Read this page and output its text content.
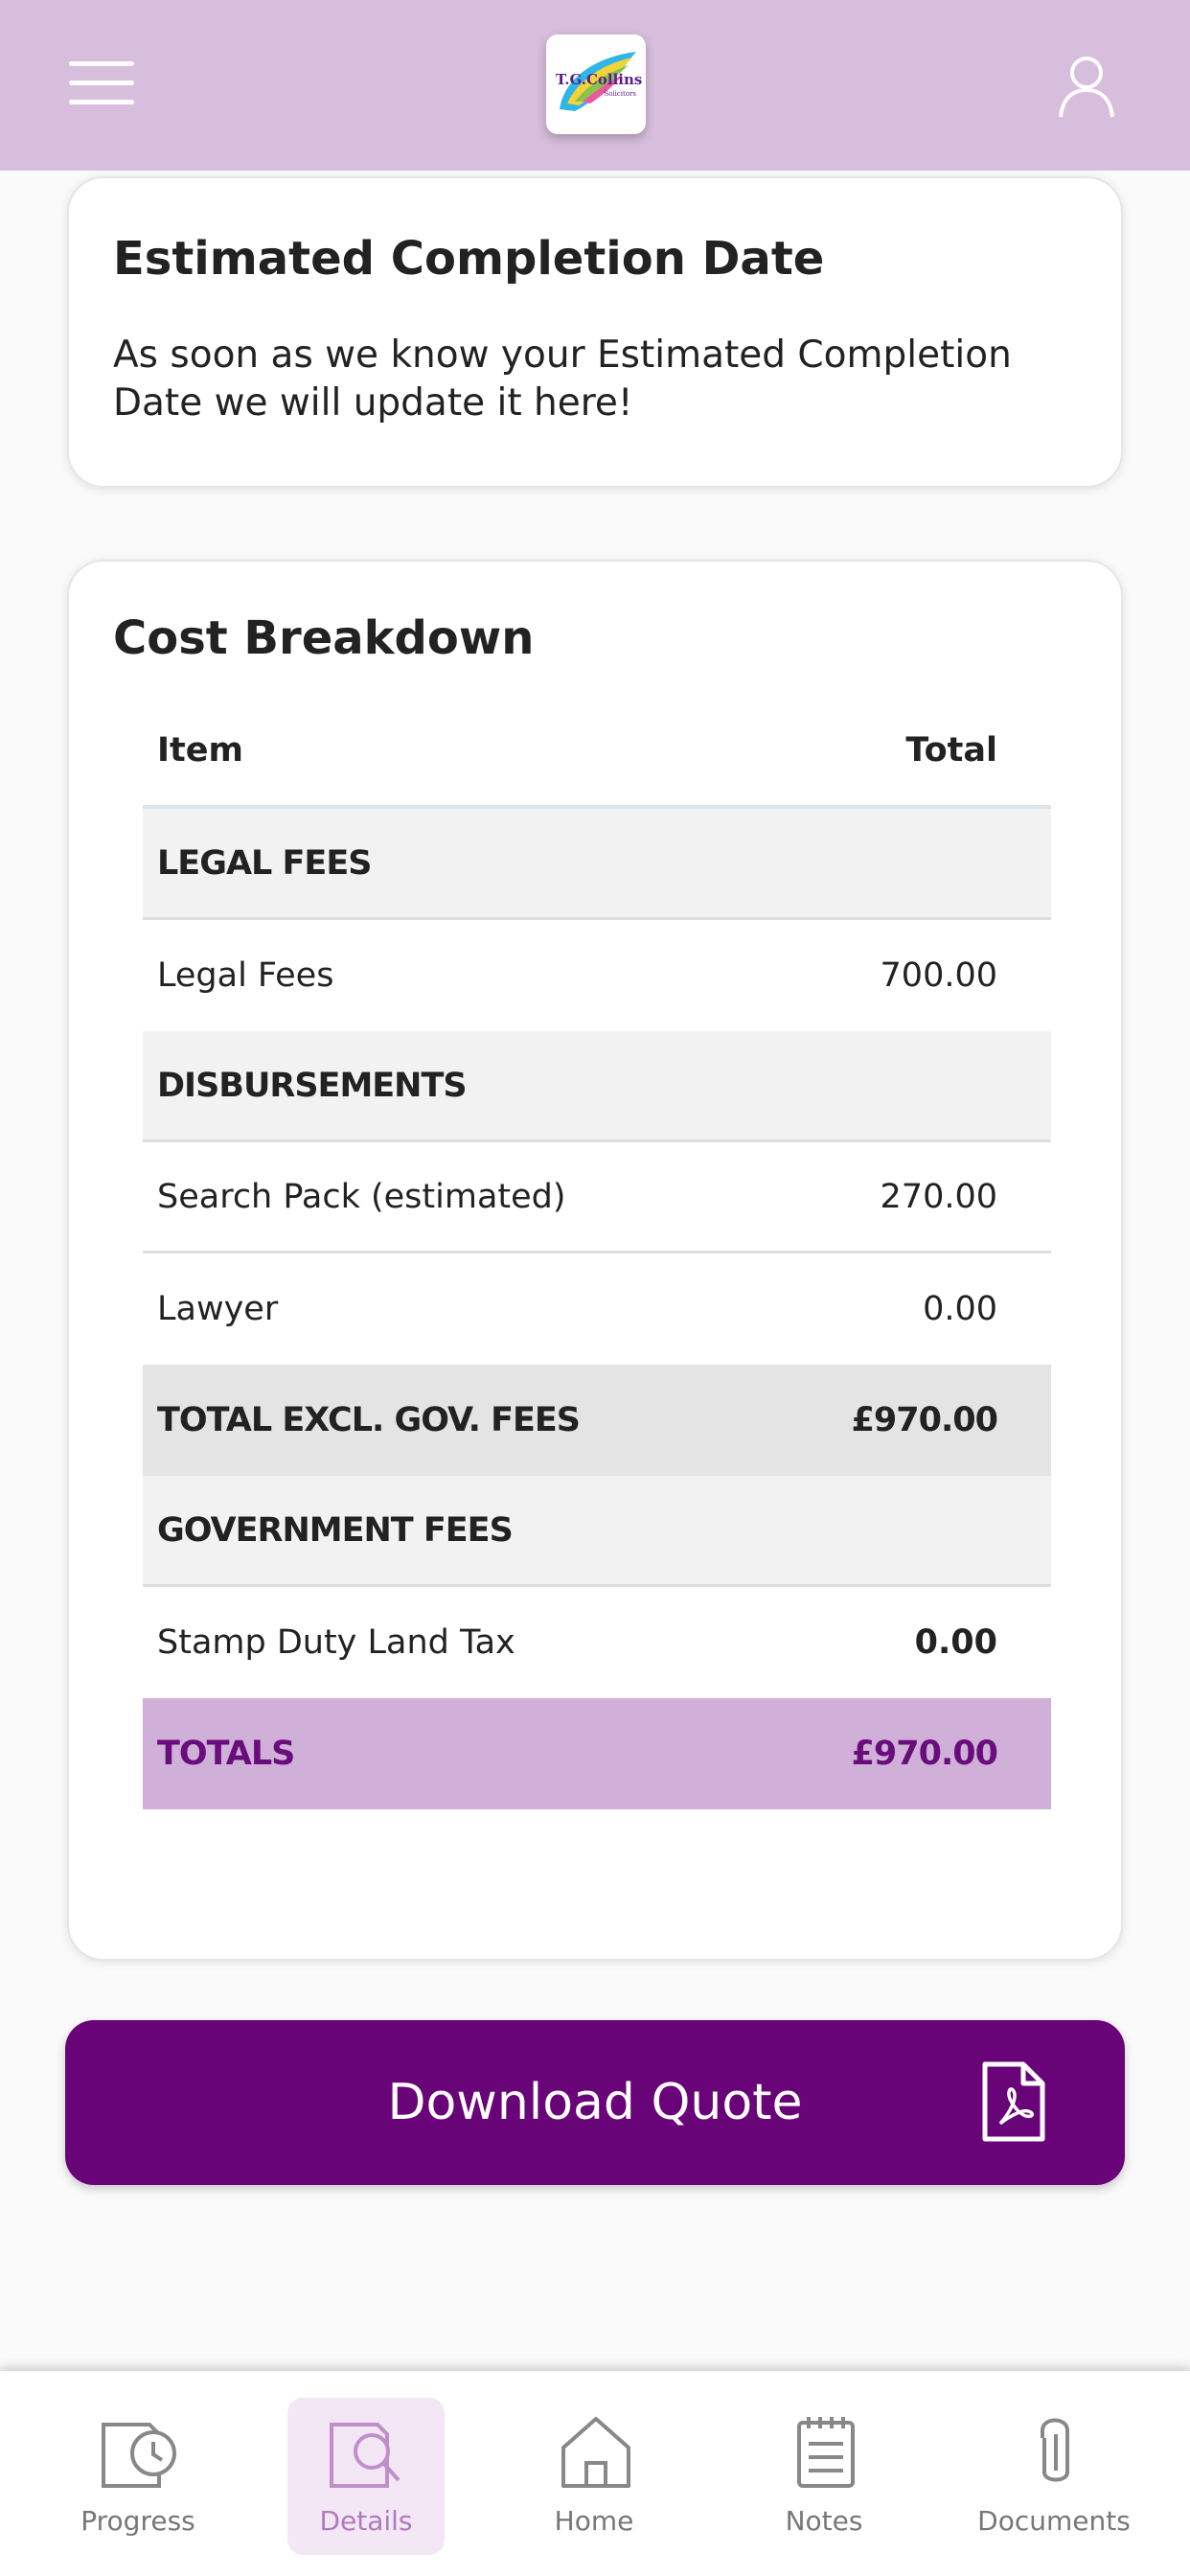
T.G.Collins
Solicitors
Estimated Completion Date
As soon as we know your Estimated Completion Date we will update it here!
Cost Breakdown
Item	Total
LEGAL FEES
Legal Fees	700.00
DISBURSEMENTS
Search Pack (estimated)	270.00
Lawyer	0.00
TOTAL EXCL. GOV. FEES	£970.00
GOVERNMENT FEES
Stamp Duty Land Tax	0.00
TOTALS	£970.00
Download Quote
Progress	Details	Home	Notes	Documents
